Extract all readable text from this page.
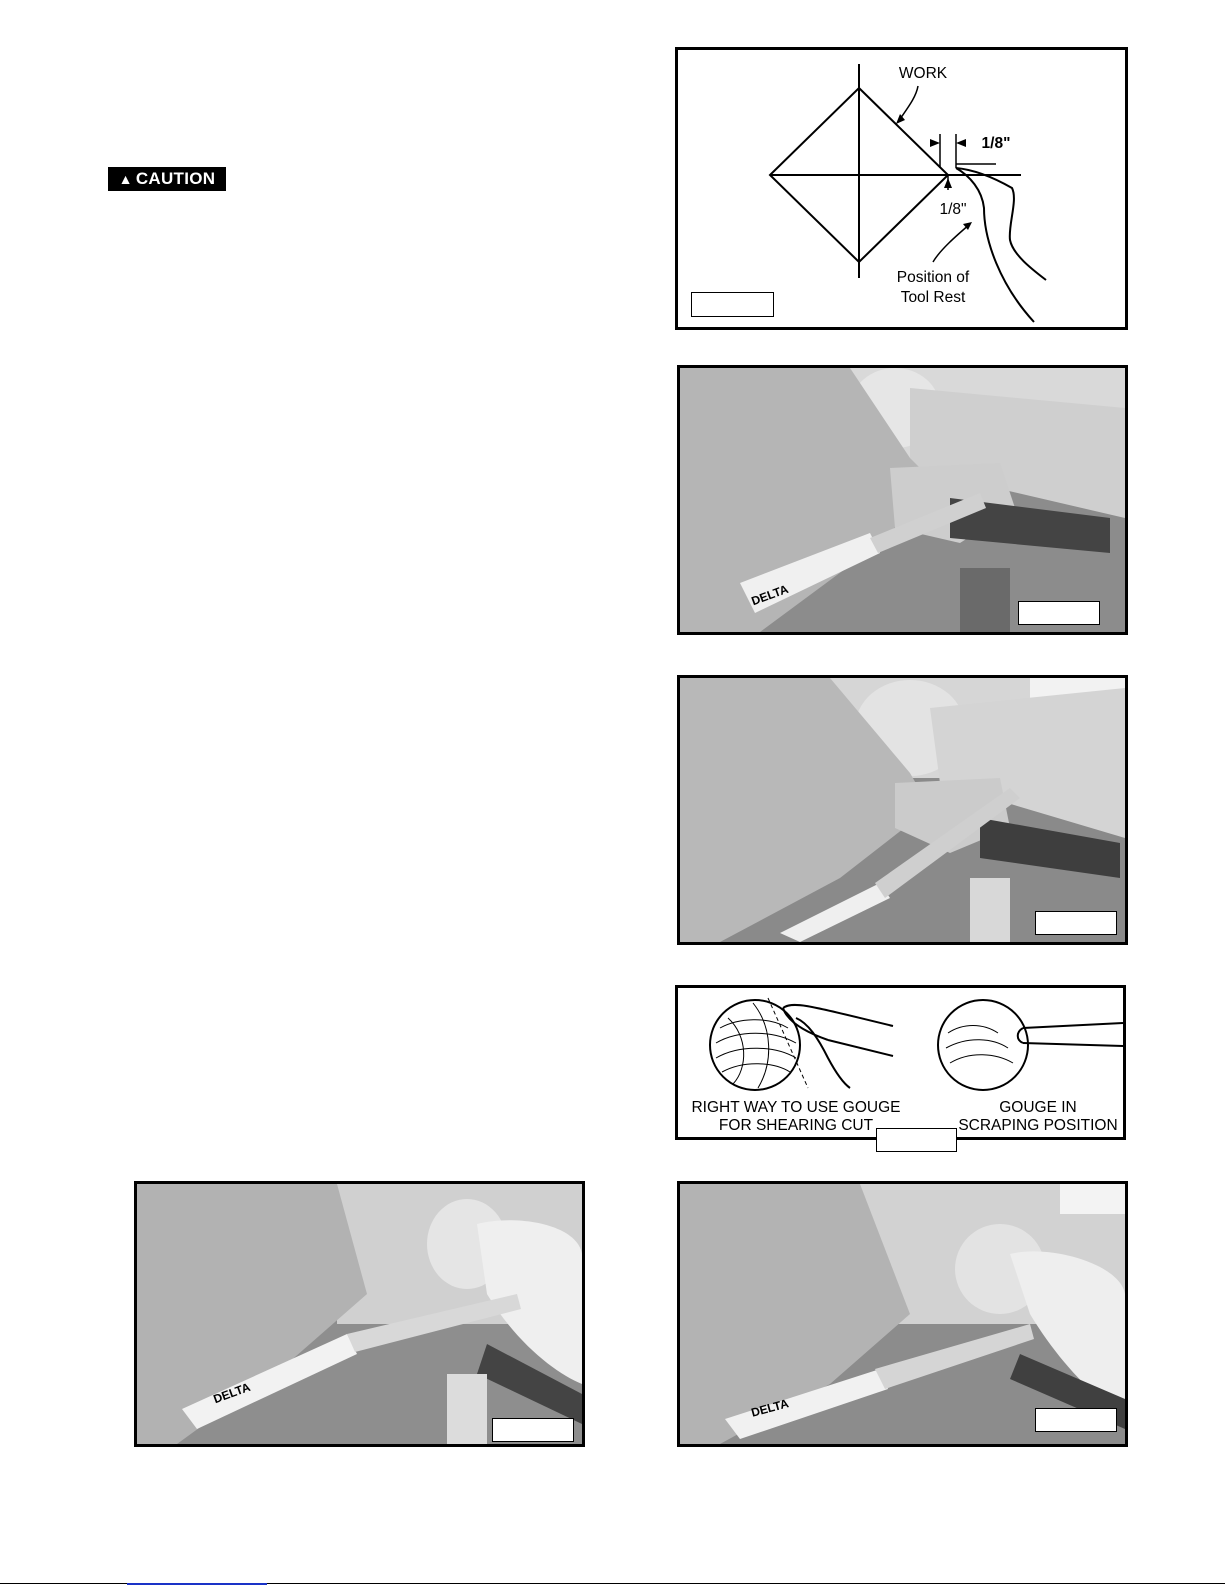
▲ CAUTION
WORK
1/8"
1/8"
Position of
Tool Rest
DELTA
RIGHT WAY TO USE GOUGE
FOR SHEARING CUT
GOUGE IN
SCRAPING POSITION
DELTA
DELTA
